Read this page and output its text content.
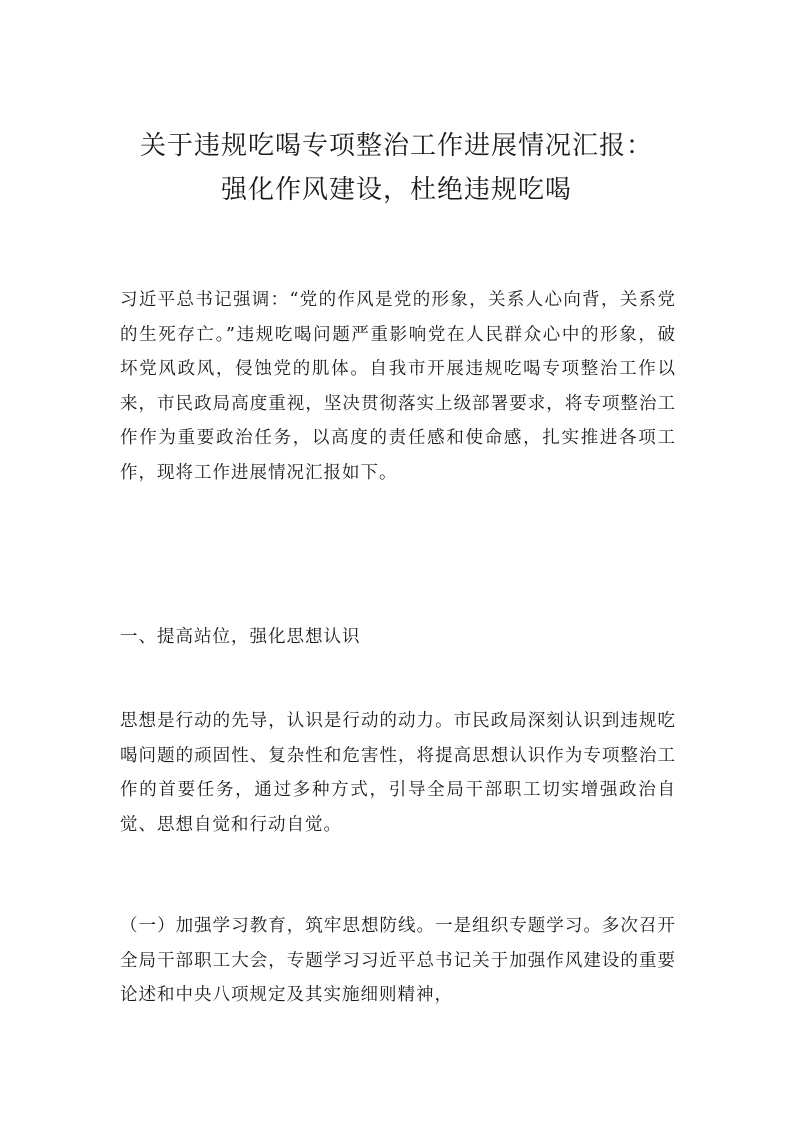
关于违规吃喝专项整治工作进展情况汇报：
强化作风建设，杜绝违规吃喝

习近平总书记强调：“党的作风是党的形象，关系人心向背，关系党的生死存亡。”违规吃喝问题严重影响党在人民群众心中的形象，破坏党风政风，侵蚀党的肌体。自我市开展违规吃喝专项整治工作以来，市民政局高度重视，坚决贯彻落实上级部署要求，将专项整治工作作为重要政治任务，以高度的责任感和使命感，扎实推进各项工作，现将工作进展情况汇报如下。

一、提高站位，强化思想认识

思想是行动的先导，认识是行动的动力。市民政局深刻认识到违规吃喝问题的顽固性、复杂性和危害性，将提高思想认识作为专项整治工作的首要任务，通过多种方式，引导全局干部职工切实增强政治自觉、思想自觉和行动自觉。

（一）加强学习教育，筑牢思想防线。一是组织专题学习。多次召开全局干部职工大会，专题学习习近平总书记关于加强作风建设的重要论述和中央八项规定及其实施细则精神，
